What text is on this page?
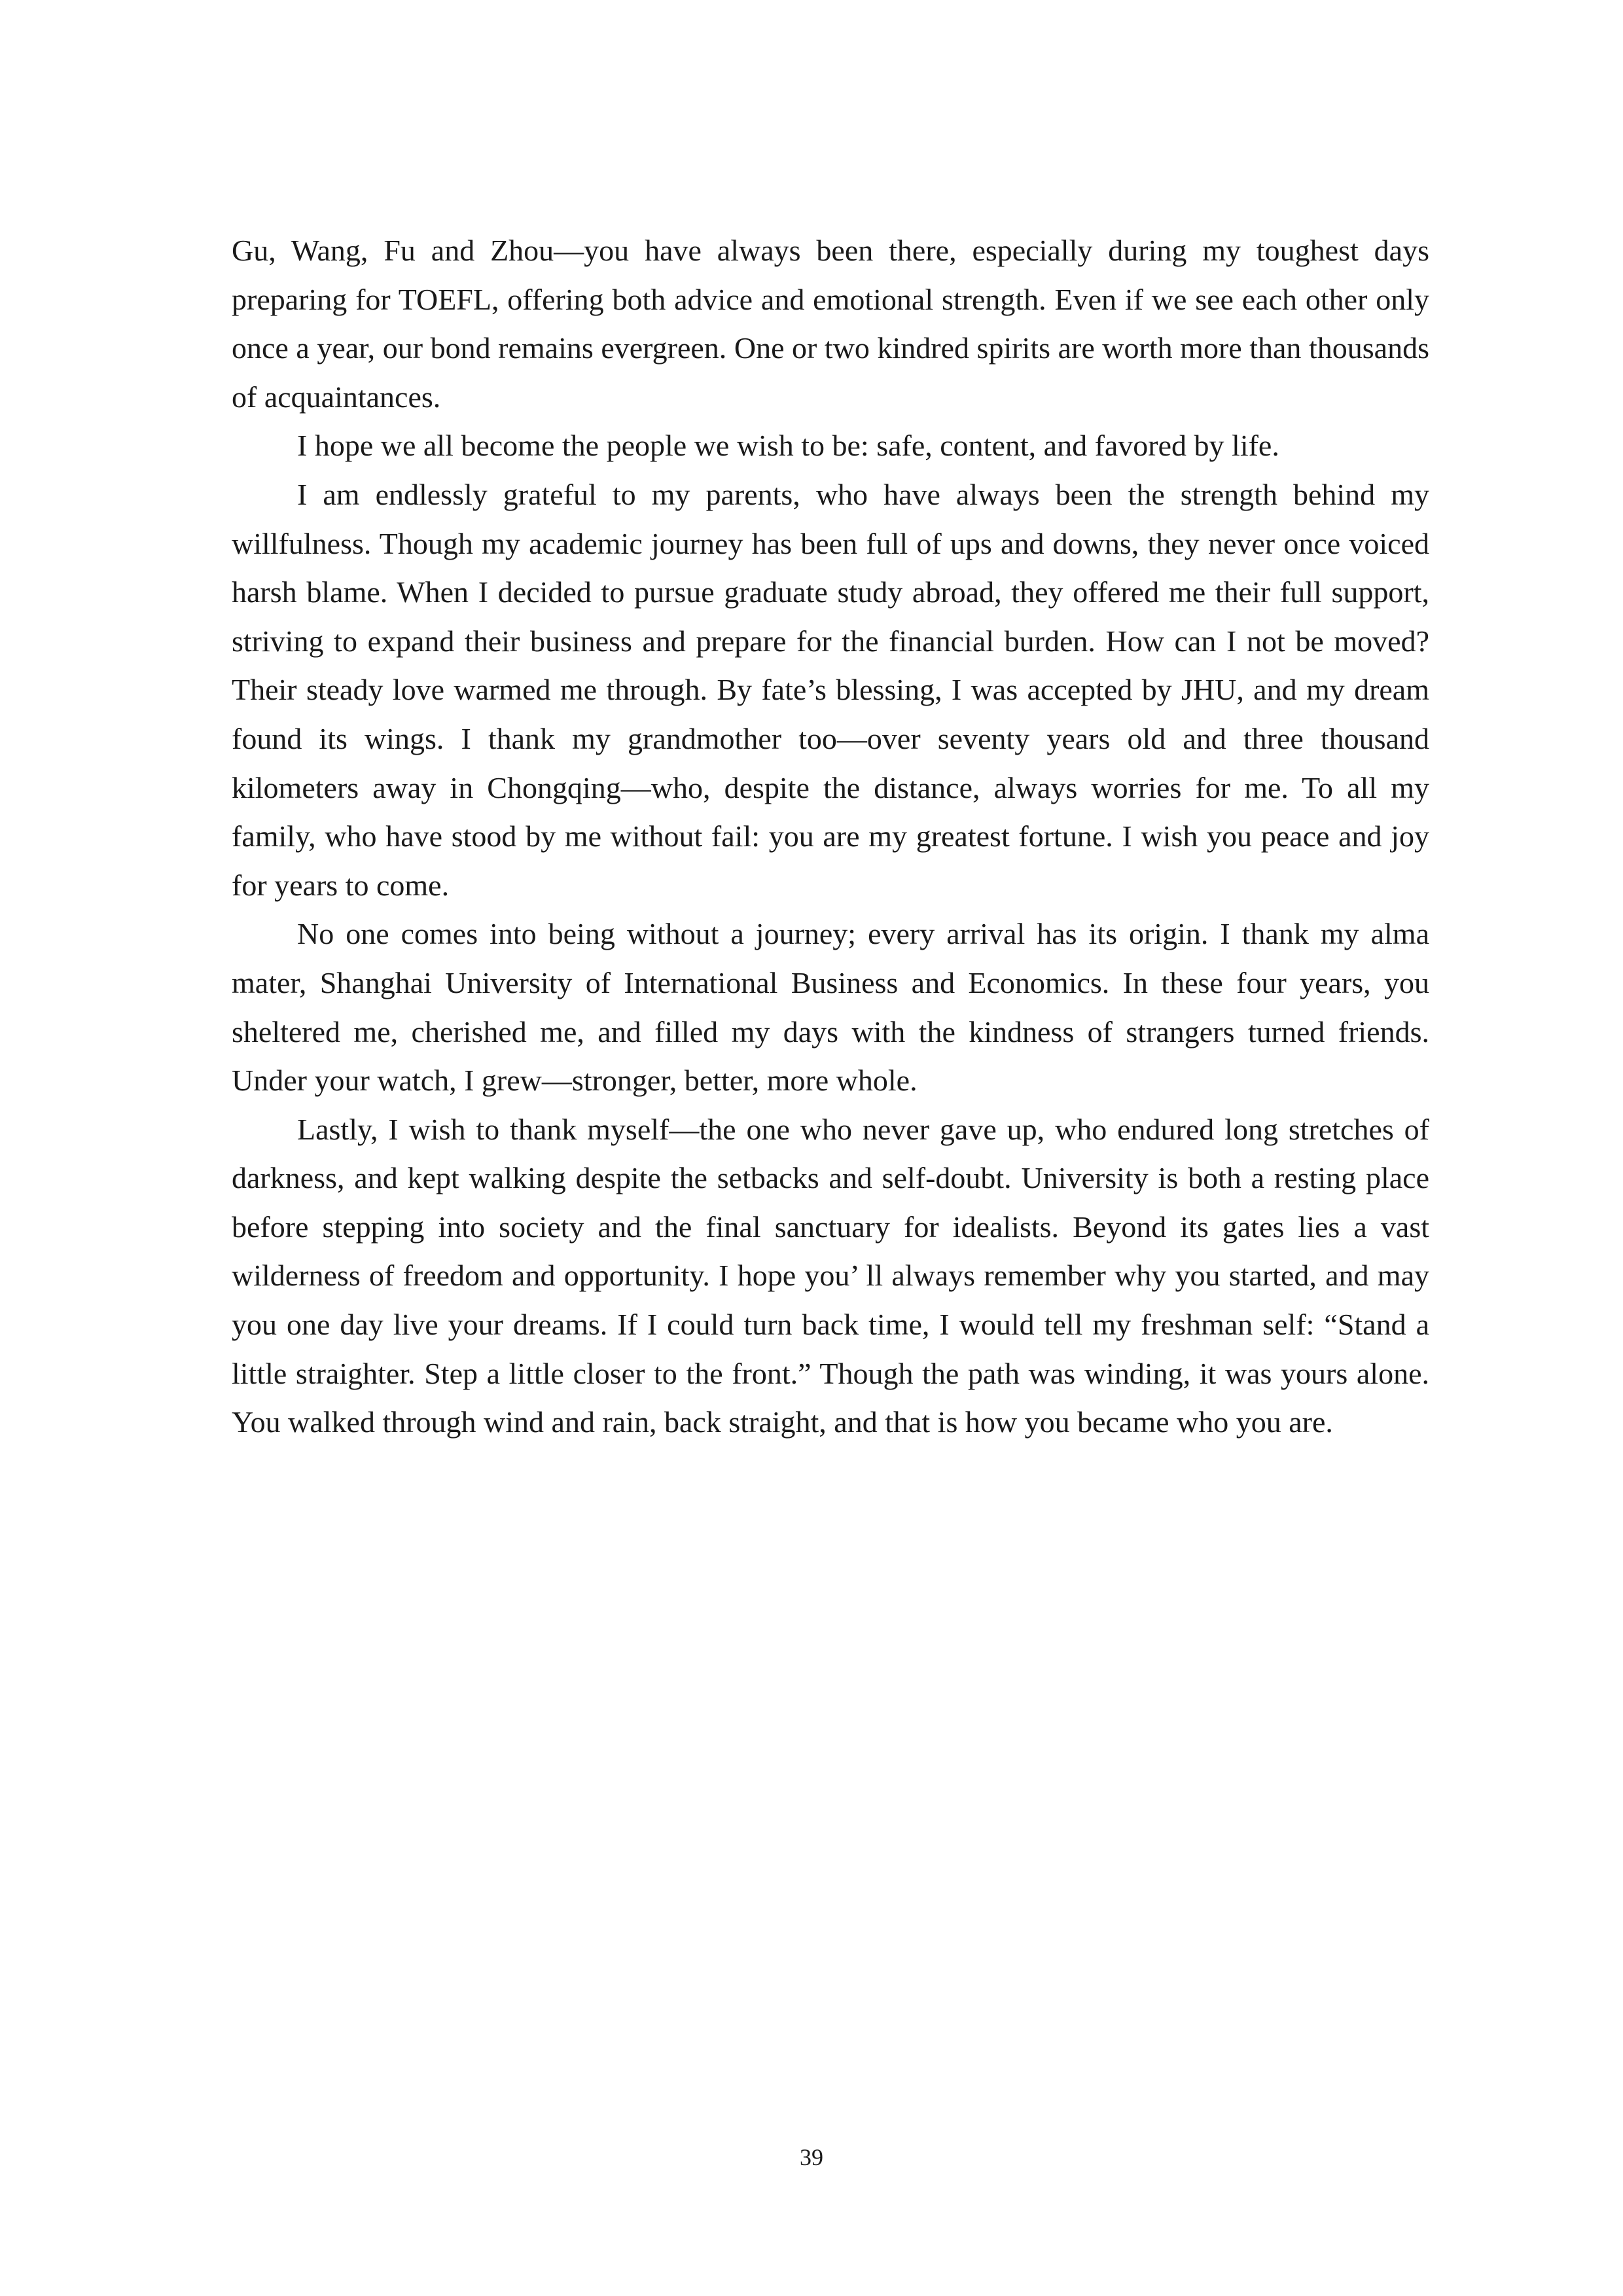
Gu, Wang, Fu and Zhou—you have always been there, especially during my toughest days preparing for TOEFL, offering both advice and emotional strength. Even if we see each other only once a year, our bond remains evergreen. One or two kindred spirits are worth more than thousands of acquaintances.

I hope we all become the people we wish to be: safe, content, and favored by life.

I am endlessly grateful to my parents, who have always been the strength behind my willfulness. Though my academic journey has been full of ups and downs, they never once voiced harsh blame. When I decided to pursue graduate study abroad, they offered me their full support, striving to expand their business and prepare for the financial burden. How can I not be moved? Their steady love warmed me through. By fate’s blessing, I was accepted by JHU, and my dream found its wings. I thank my grandmother too—over seventy years old and three thousand kilometers away in Chongqing—who, despite the distance, always worries for me. To all my family, who have stood by me without fail: you are my greatest fortune. I wish you peace and joy for years to come.

No one comes into being without a journey; every arrival has its origin. I thank my alma mater, Shanghai University of International Business and Economics. In these four years, you sheltered me, cherished me, and filled my days with the kindness of strangers turned friends. Under your watch, I grew—stronger, better, more whole.

Lastly, I wish to thank myself—the one who never gave up, who endured long stretches of darkness, and kept walking despite the setbacks and self-doubt. University is both a resting place before stepping into society and the final sanctuary for idealists. Beyond its gates lies a vast wilderness of freedom and opportunity. I hope you’ ll always remember why you started, and may you one day live your dreams. If I could turn back time, I would tell my freshman self: “Stand a little straighter. Step a little closer to the front.” Though the path was winding, it was yours alone. You walked through wind and rain, back straight, and that is how you became who you are.

39
